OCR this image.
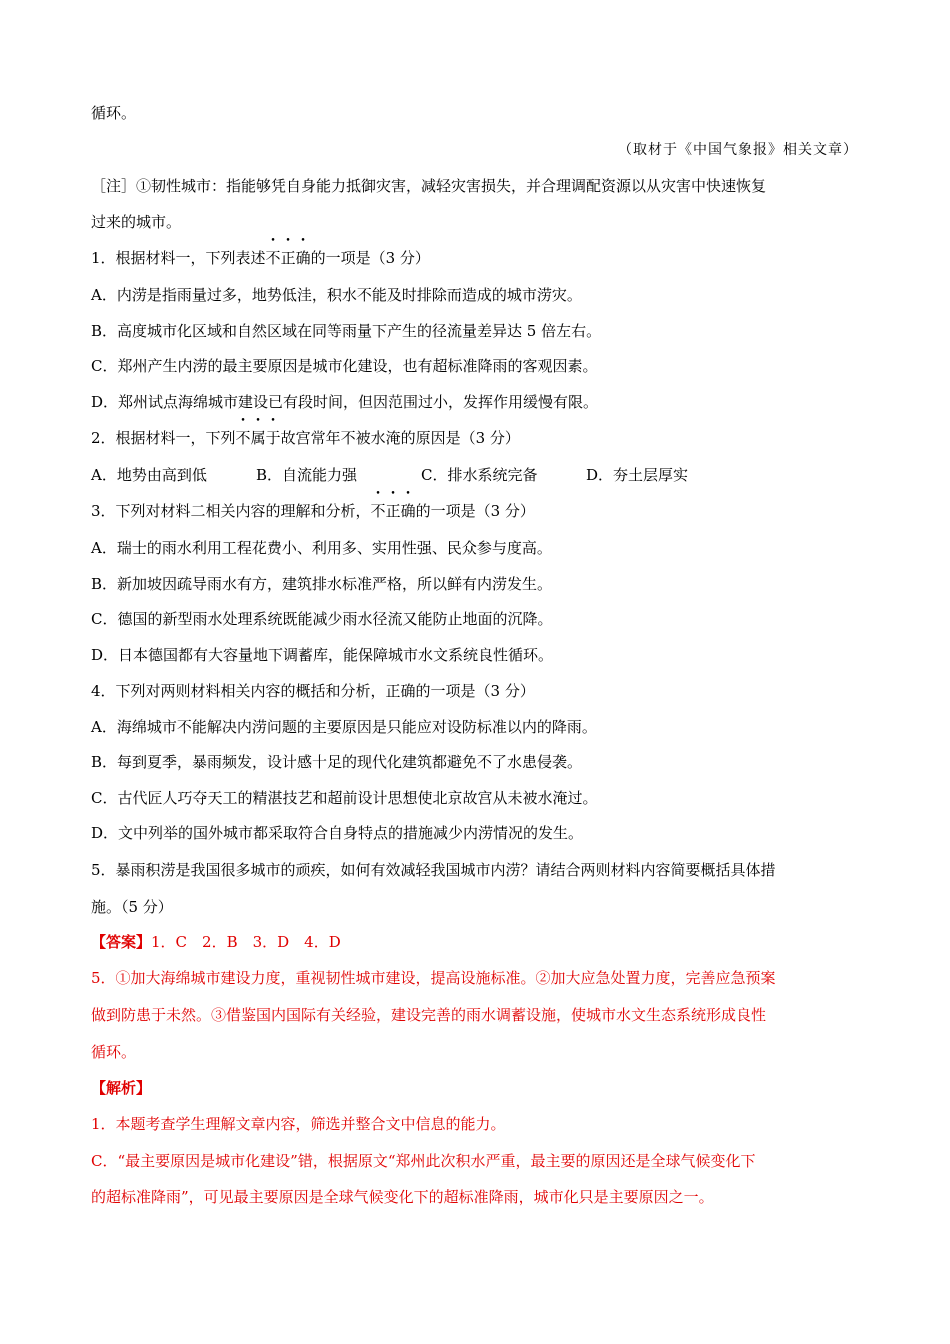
循环。
（取材于《中国气象报》相关文章）
［注］①韧性城市：指能够凭自身能力抵御灾害，减轻灾害损失，并合理调配资源以从灾害中快速恢复
过来的城市。
1．根据材料一，下列表述不正确的一项是（3 分）
A．内涝是指雨量过多，地势低洼，积水不能及时排除而造成的城市涝灾。
B．高度城市化区域和自然区域在同等雨量下产生的径流量差异达 5 倍左右。
C．郑州产生内涝的最主要原因是城市化建设，也有超标准降雨的客观因素。
D．郑州试点海绵城市建设已有段时间，但因范围过小，发挥作用缓慢有限。
2．根据材料一，下列不属于故宫常年不被水淹的原因是（3 分）
A．地势由高到低	B．自流能力强	C．排水系统完备	D．夯土层厚实
3．下列对材料二相关内容的理解和分析，不正确的一项是（3 分）
A．瑞士的雨水利用工程花费小、利用多、实用性强、民众参与度高。
B．新加坡因疏导雨水有方，建筑排水标准严格，所以鲜有内涝发生。
C．德国的新型雨水处理系统既能减少雨水径流又能防止地面的沉降。
D．日本德国都有大容量地下调蓄库，能保障城市水文系统良性循环。
4．下列对两则材料相关内容的概括和分析，正确的一项是（3 分）
A．海绵城市不能解决内涝问题的主要原因是只能应对设防标准以内的降雨。
B．每到夏季，暴雨频发，设计感十足的现代化建筑都避免不了水患侵袭。
C．古代匠人巧夺天工的精湛技艺和超前设计思想使北京故宫从未被水淹过。
D．文中列举的国外城市都采取符合自身特点的措施减少内涝情况的发生。
5．暴雨积涝是我国很多城市的顽疾，如何有效减轻我国城市内涝？请结合两则材料内容简要概括具体措
施。（5 分）
【答案】1．C　2．B　3．D　4．D
5．①加大海绵城市建设力度，重视韧性城市建设，提高设施标准。②加大应急处置力度，完善应急预案
做到防患于未然。③借鉴国内国际有关经验，建设完善的雨水调蓄设施，使城市水文生态系统形成良性
循环。
【解析】
1．本题考查学生理解文章内容，筛选并整合文中信息的能力。
C．“最主要原因是城市化建设”错，根据原文“郑州此次积水严重，最主要的原因还是全球气候变化下
的超标准降雨”，可见最主要原因是全球气候变化下的超标准降雨，城市化只是主要原因之一。
